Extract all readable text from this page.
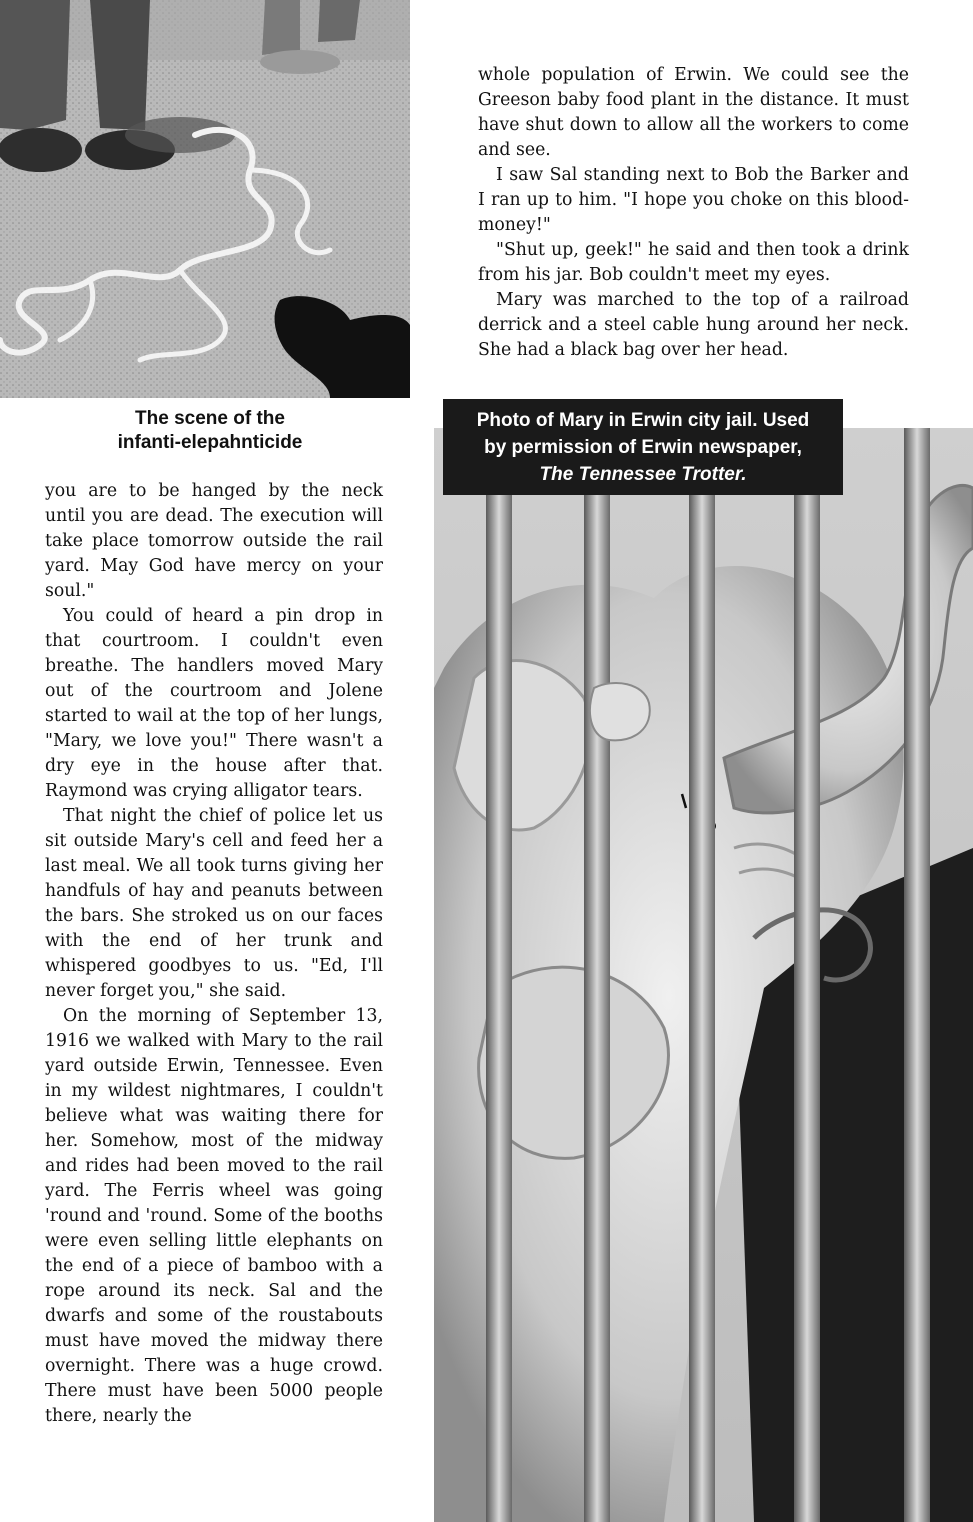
The scene of the
infanti-elepahnticide

you are to be hanged by the neck until you are dead. The execution will take place tomorrow outside the rail yard. May God have mercy on your soul."

You could of heard a pin drop in that courtroom. I couldn't even breathe. The handlers moved Mary out of the courtroom and Jolene started to wail at the top of her lungs, "Mary, we love you!" There wasn't a dry eye in the house after that. Raymond was crying alligator tears.

That night the chief of police let us sit outside Mary's cell and feed her a last meal. We all took turns giving her handfuls of hay and peanuts between the bars. She stroked us on our faces with the end of her trunk and whispered goodbyes to us. "Ed, I'll never forget you," she said.

On the morning of September 13, 1916 we walked with Mary to the rail yard outside Erwin, Tennessee. Even in my wildest nightmares, I couldn't believe what was waiting there for her. Somehow, most of the midway and rides had been moved to the rail yard. The Ferris wheel was going 'round and 'round. Some of the booths were even selling little elephants on the end of a piece of bamboo with a rope around its neck. Sal and the dwarfs and some of the roustabouts must have moved the midway there overnight. There was a huge crowd. There must have been 5000 people there, nearly the

whole population of Erwin. We could see the Greeson baby food plant in the distance. It must have shut down to allow all the workers to come and see.

I saw Sal standing next to Bob the Barker and I ran up to him. "I hope you choke on this blood-money!"

"Shut up, geek!" he said and then took a drink from his jar. Bob couldn't meet my eyes.

Mary was marched to the top of a railroad derrick and a steel cable hung around her neck. She had a black bag over her head.

Photo of Mary in Erwin city jail. Used
by permission of Erwin newspaper,
The Tennessee Trotter.
